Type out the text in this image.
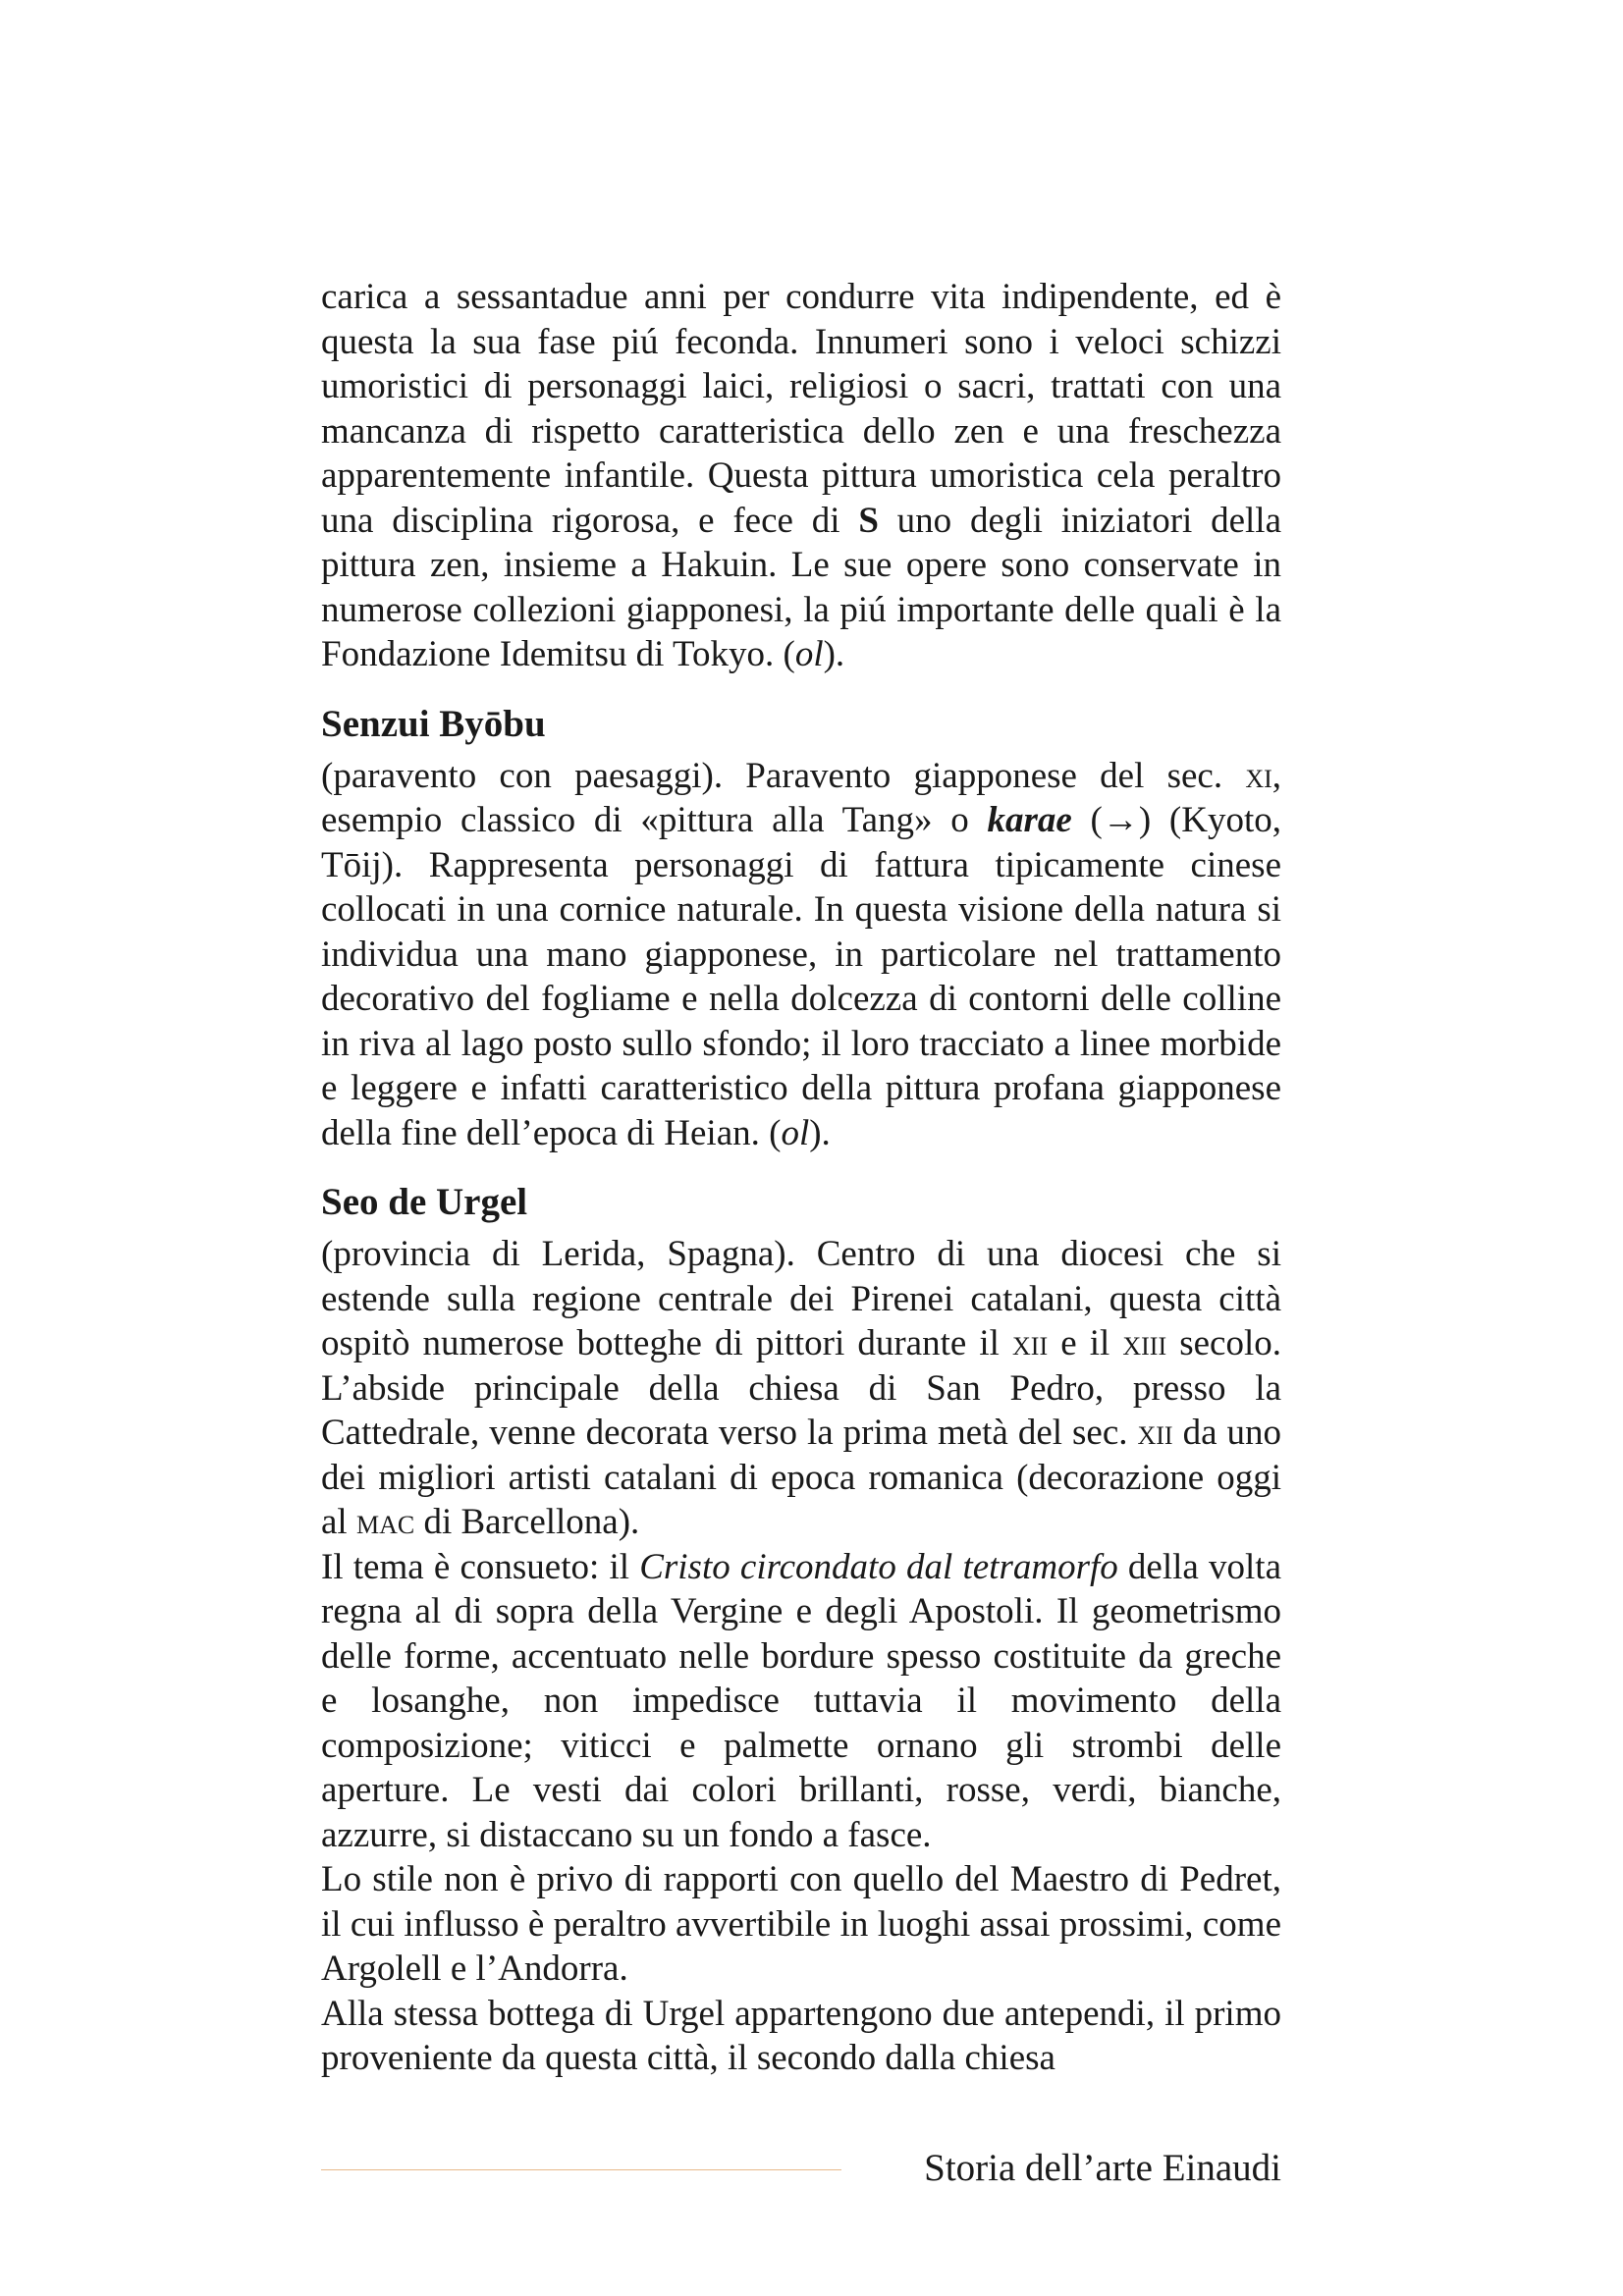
carica a sessantadue anni per condurre vita indipendente, ed è questa la sua fase piú feconda. Innumeri sono i veloci schizzi umoristici di personaggi laici, religiosi o sacri, trattati con una mancanza di rispetto caratteristica dello zen e una freschezza apparentemente infantile. Questa pittura umoristica cela peraltro una disciplina rigorosa, e fece di S uno degli iniziatori della pittura zen, insieme a Hakuin. Le sue opere sono conservate in numerose collezioni giapponesi, la piú importante delle quali è la Fondazione Idemitsu di Tokyo. (ol).

Senzui Byōbu

(paravento con paesaggi). Paravento giapponese del sec. xi, esempio classico di «pittura alla Tang» o karae (→) (Kyoto, Tōij). Rappresenta personaggi di fattura tipicamente cinese collocati in una cornice naturale. In questa visione della natura si individua una mano giapponese, in particolare nel trattamento decorativo del fogliame e nella dolcezza di contorni delle colline in riva al lago posto sullo sfondo; il loro tracciato a linee morbide e leggere e infatti caratteristico della pittura profana giapponese della fine dell’epoca di Heian. (ol).

Seo de Urgel

(provincia di Lerida, Spagna). Centro di una diocesi che si estende sulla regione centrale dei Pirenei catalani, questa città ospitò numerose botteghe di pittori durante il xii e il xiii secolo. L’abside principale della chiesa di San Pedro, presso la Cattedrale, venne decorata verso la prima metà del sec. xii da uno dei migliori artisti catalani di epoca romanica (decorazione oggi al mac di Barcellona).

Il tema è consueto: il Cristo circondato dal tetramorfo della volta regna al di sopra della Vergine e degli Apostoli. Il geometrismo delle forme, accentuato nelle bordure spesso costituite da greche e losanghe, non impedisce tuttavia il movimento della composizione; viticci e palmette ornano gli strombi delle aperture. Le vesti dai colori brillanti, rosse, verdi, bianche, azzurre, si distaccano su un fondo a fasce.

Lo stile non è privo di rapporti con quello del Maestro di Pedret, il cui influsso è peraltro avvertibile in luoghi assai prossimi, come Argolell e l’Andorra.

Alla stessa bottega di Urgel appartengono due antependi, il primo proveniente da questa città, il secondo dalla chiesa

Storia dell’arte Einaudi
